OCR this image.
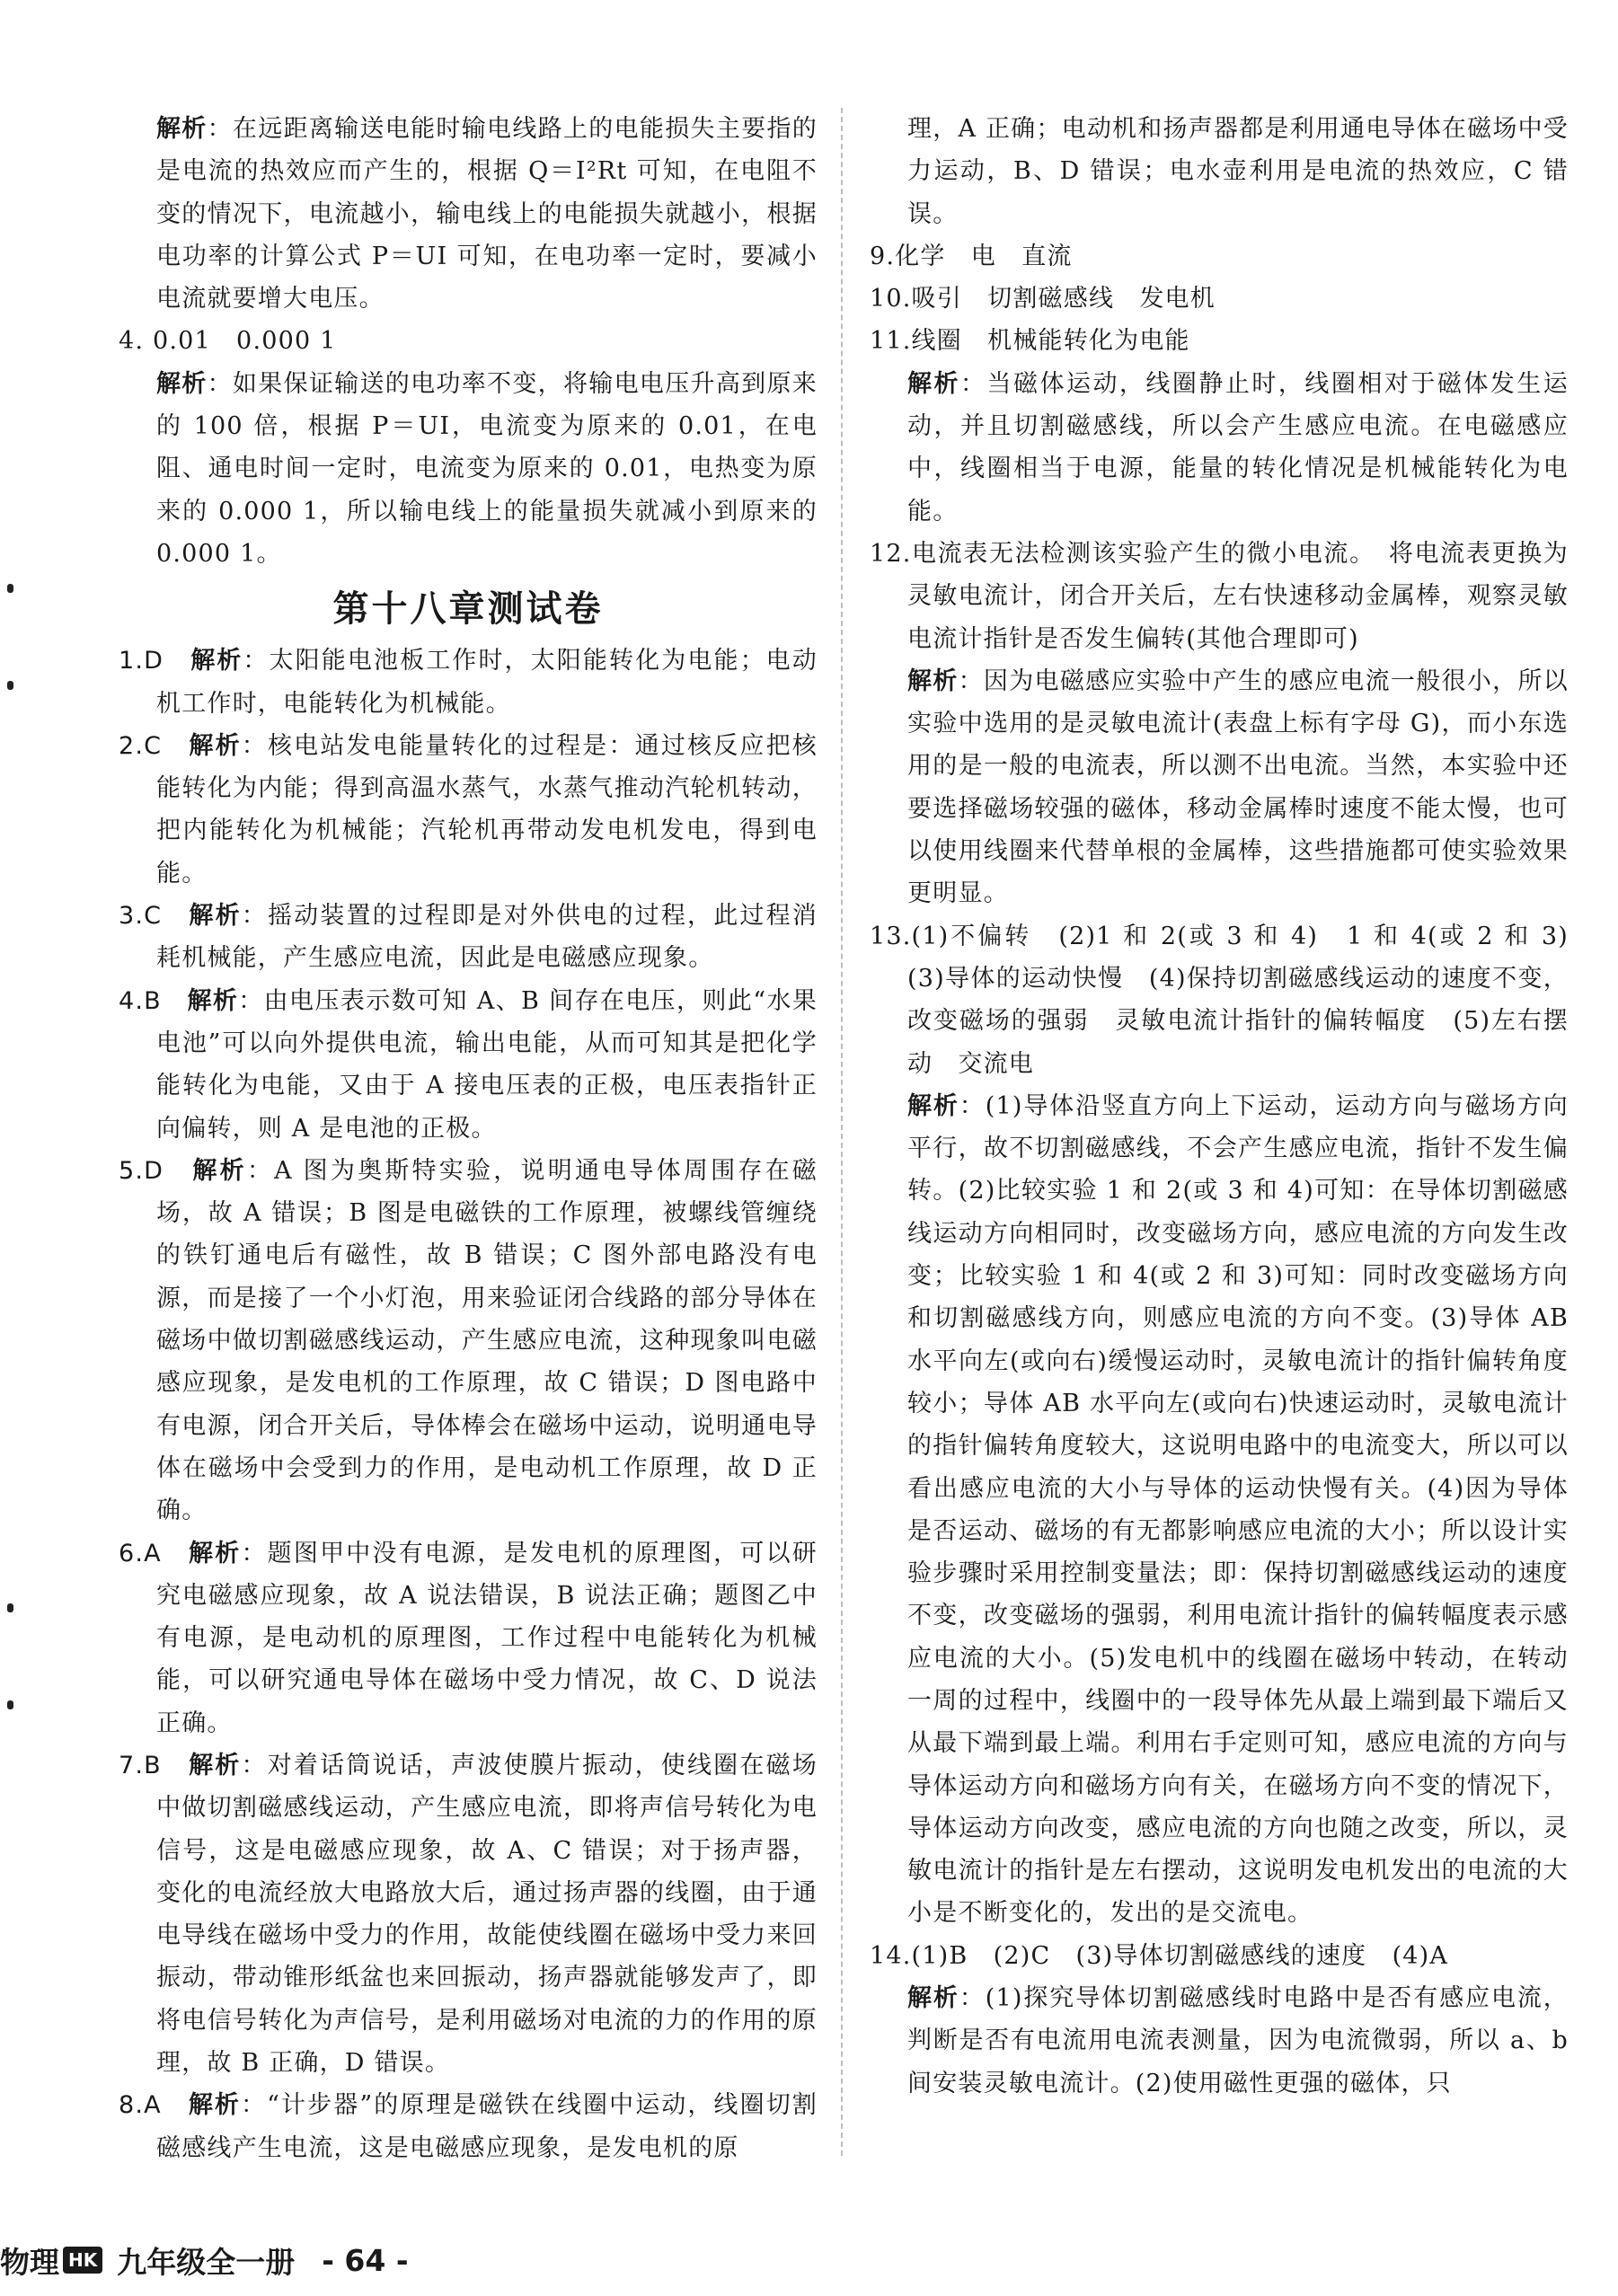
解析：在远距离输送电能时输电线路上的电能损失主要指的是电流的热效应而产生的，根据 Q＝I²Rt 可知，在电阻不变的情况下，电流越小，输电线上的电能损失就越小，根据电功率的计算公式 P＝UI 可知，在电功率一定时，要减小电流就要增大电压。

4. 0.01　0.000 1

解析：如果保证输送的电功率不变，将输电电压升高到原来的 100 倍，根据 P＝UI，电流变为原来的 0.01，在电阻、通电时间一定时，电流变为原来的 0.01，电热变为原来的 0.000 1，所以输电线上的能量损失就减小到原来的 0.000 1。

第十八章测试卷

1.D　解析：太阳能电池板工作时，太阳能转化为电能；电动机工作时，电能转化为机械能。

2.C　解析：核电站发电能量转化的过程是：通过核反应把核能转化为内能；得到高温水蒸气，水蒸气推动汽轮机转动，把内能转化为机械能；汽轮机再带动发电机发电，得到电能。

3.C　解析：摇动装置的过程即是对外供电的过程，此过程消耗机械能，产生感应电流，因此是电磁感应现象。

4.B　解析：由电压表示数可知 A、B 间存在电压，则此“水果电池”可以向外提供电流，输出电能，从而可知其是把化学能转化为电能，又由于 A 接电压表的正极，电压表指针正向偏转，则 A 是电池的正极。

5.D　解析：A 图为奥斯特实验，说明通电导体周围存在磁场，故 A 错误；B 图是电磁铁的工作原理，被螺线管缠绕的铁钉通电后有磁性，故 B 错误；C 图外部电路没有电源，而是接了一个小灯泡，用来验证闭合线路的部分导体在磁场中做切割磁感线运动，产生感应电流，这种现象叫电磁感应现象，是发电机的工作原理，故 C 错误；D 图电路中有电源，闭合开关后，导体棒会在磁场中运动，说明通电导体在磁场中会受到力的作用，是电动机工作原理，故 D 正确。

6.A　解析：题图甲中没有电源，是发电机的原理图，可以研究电磁感应现象，故 A 说法错误，B 说法正确；题图乙中有电源，是电动机的原理图，工作过程中电能转化为机械能，可以研究通电导体在磁场中受力情况，故 C、D 说法正确。

7.B　解析：对着话筒说话，声波使膜片振动，使线圈在磁场中做切割磁感线运动，产生感应电流，即将声信号转化为电信号，这是电磁感应现象，故 A、C 错误；对于扬声器，变化的电流经放大电路放大后，通过扬声器的线圈，由于通电导线在磁场中受力的作用，故能使线圈在磁场中受力来回振动，带动锥形纸盆也来回振动，扬声器就能够发声了，即将电信号转化为声信号，是利用磁场对电流的力的作用的原理，故 B 正确，D 错误。

8.A　解析：“计步器”的原理是磁铁在线圈中运动，线圈切割磁感线产生电流，这是电磁感应现象，是发电机的原

理，A 正确；电动机和扬声器都是利用通电导体在磁场中受力运动，B、D 错误；电水壶利用是电流的热效应，C 错误。

9.化学　电　直流

10.吸引　切割磁感线　发电机

11.线圈　机械能转化为电能

解析：当磁体运动，线圈静止时，线圈相对于磁体发生运动，并且切割磁感线，所以会产生感应电流。在电磁感应中，线圈相当于电源，能量的转化情况是机械能转化为电能。

12.电流表无法检测该实验产生的微小电流。　将电流表更换为灵敏电流计，闭合开关后，左右快速移动金属棒，观察灵敏电流计指针是否发生偏转(其他合理即可)

解析：因为电磁感应实验中产生的感应电流一般很小，所以实验中选用的是灵敏电流计(表盘上标有字母 G)，而小东选用的是一般的电流表，所以测不出电流。当然，本实验中还要选择磁场较强的磁体，移动金属棒时速度不能太慢，也可以使用线圈来代替单根的金属棒，这些措施都可使实验效果更明显。

13.(1)不偏转　(2)1 和 2(或 3 和 4)　1 和 4(或 2 和 3)　(3)导体的运动快慢　(4)保持切割磁感线运动的速度不变，改变磁场的强弱　灵敏电流计指针的偏转幅度　(5)左右摆动　交流电

解析：(1)导体沿竖直方向上下运动，运动方向与磁场方向平行，故不切割磁感线，不会产生感应电流，指针不发生偏转。(2)比较实验 1 和 2(或 3 和 4)可知：在导体切割磁感线运动方向相同时，改变磁场方向，感应电流的方向发生改变；比较实验 1 和 4(或 2 和 3)可知：同时改变磁场方向和切割磁感线方向，则感应电流的方向不变。(3)导体 AB 水平向左(或向右)缓慢运动时，灵敏电流计的指针偏转角度较小；导体 AB 水平向左(或向右)快速运动时，灵敏电流计的指针偏转角度较大，这说明电路中的电流变大，所以可以看出感应电流的大小与导体的运动快慢有关。(4)因为导体是否运动、磁场的有无都影响感应电流的大小；所以设计实验步骤时采用控制变量法；即：保持切割磁感线运动的速度不变，改变磁场的强弱，利用电流计指针的偏转幅度表示感应电流的大小。(5)发电机中的线圈在磁场中转动，在转动一周的过程中，线圈中的一段导体先从最上端到最下端后又从最下端到最上端。利用右手定则可知，感应电流的方向与导体运动方向和磁场方向有关，在磁场方向不变的情况下，导体运动方向改变，感应电流的方向也随之改变，所以，灵敏电流计的指针是左右摆动，这说明发电机发出的电流的大小是不断变化的，发出的是交流电。

14.(1)B　(2)C　(3)导体切割磁感线的速度　(4)A

解析：(1)探究导体切割磁感线时电路中是否有感应电流，判断是否有电流用电流表测量，因为电流微弱，所以 a、b 间安装灵敏电流计。(2)使用磁性更强的磁体，只

物理 HK 九年级全一册 - 64 -
